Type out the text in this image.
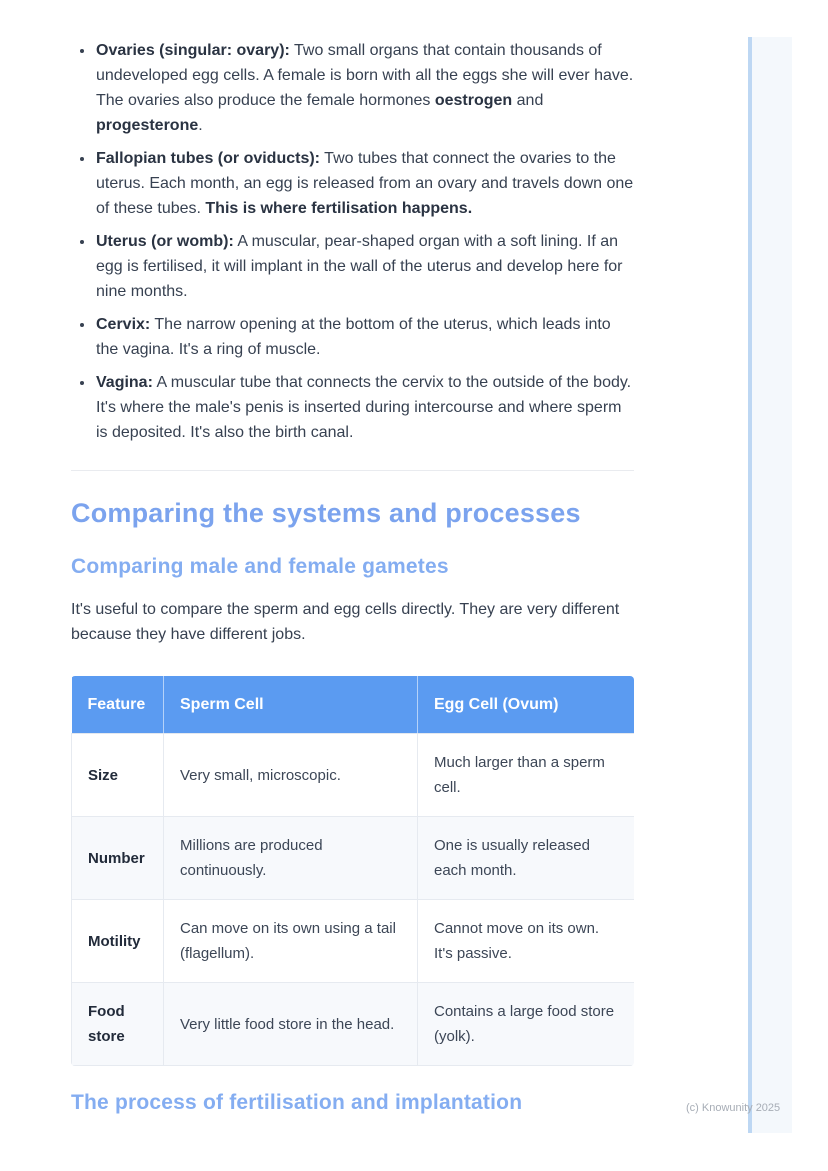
• Ovaries (singular: ovary): Two small organs that contain thousands of undeveloped egg cells. A female is born with all the eggs she will ever have. The ovaries also produce the female hormones oestrogen and progesterone.
• Fallopian tubes (or oviducts): Two tubes that connect the ovaries to the uterus. Each month, an egg is released from an ovary and travels down one of these tubes. This is where fertilisation happens.
• Uterus (or womb): A muscular, pear-shaped organ with a soft lining. If an egg is fertilised, it will implant in the wall of the uterus and develop here for nine months.
• Cervix: The narrow opening at the bottom of the uterus, which leads into the vagina. It's a ring of muscle.
• Vagina: A muscular tube that connects the cervix to the outside of the body. It's where the male's penis is inserted during intercourse and where sperm is deposited. It's also the birth canal.
Comparing the systems and processes
Comparing male and female gametes

It's useful to compare the sperm and egg cells directly. They are very different because they have different jobs.

Feature	Sperm Cell	Egg Cell (Ovum)
Size	Very small, microscopic.	Much larger than a sperm cell.
Number	Millions are produced continuously.	One is usually released each month.
Motility	Can move on its own using a tail (flagellum).	Cannot move on its own. It's passive.
Food store	Very little food store in the head.	Contains a large food store (yolk).
The process of fertilisation and implantation	(c) Knowunity 2025
